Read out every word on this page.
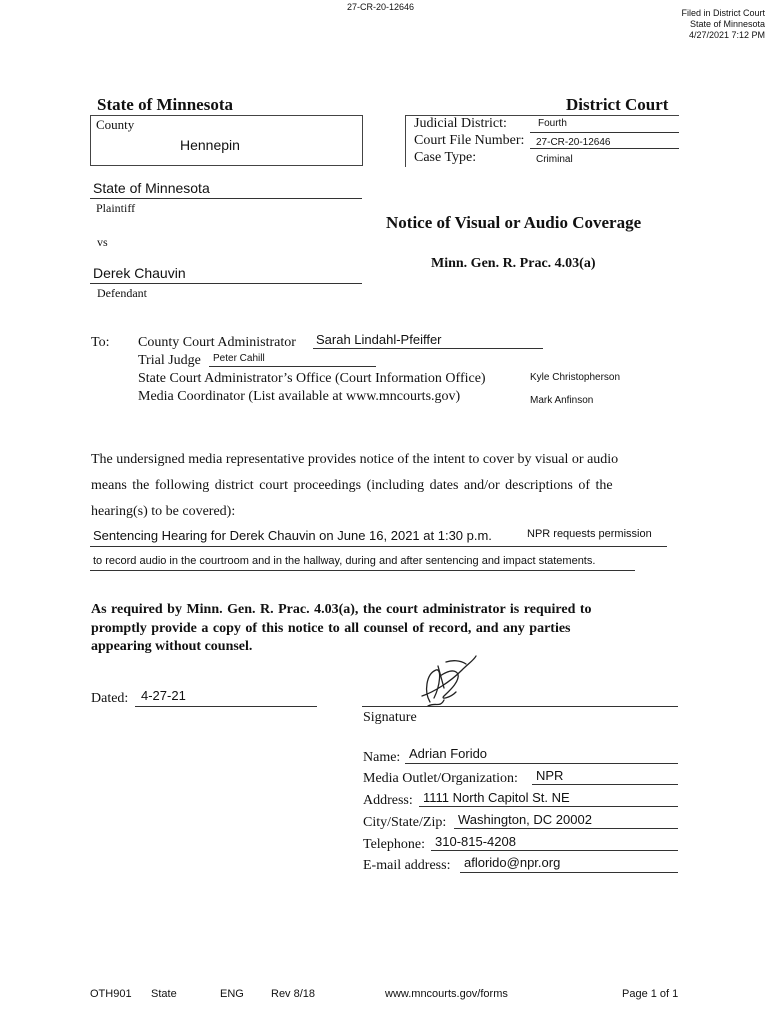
27-CR-20-12646
Filed in District Court
State of Minnesota
4/27/2021 7:12 PM
State of Minnesota	District Court
County
Hennepin
Judicial District:	Fourth
Court File Number: 27-CR-20-12646
Case Type:	Criminal
State of Minnesota
Plaintiff
vs
Derek Chauvin
Defendant
Notice of Visual or Audio Coverage
Minn. Gen. R. Prac. 4.03(a)
To: County Court Administrator Sarah Lindahl-Pfeiffer
Trial Judge Peter Cahill
State Court Administrator’s Office (Court Information Office)	Kyle Christopherson
Media Coordinator (List available at www.mncourts.gov)	Mark Anfinson
The undersigned media representative provides notice of the intent to cover by visual or audio
means the following district court proceedings (including dates and/or descriptions of the
hearing(s) to be covered):
Sentencing Hearing for Derek Chauvin on June 16, 2021 at 1:30 p.m.	NPR requests permission
to record audio in the courtroom and in the hallway, during and after sentencing and impact statements.
As required by Minn. Gen. R. Prac. 4.03(a), the court administrator is required to
promptly provide a copy of this notice to all counsel of record, and any parties
appearing without counsel.
Dated: 4-27-21
Signature
Name: Adrian Forido
Media Outlet/Organization: NPR
Address: 1111 North Capitol St. NE
City/State/Zip: Washington, DC 20002
Telephone: 310-815-4208
E-mail address: aflorido@npr.org
OTH901 State	ENG Rev 8/18	www.mncourts.gov/forms	Page 1 of 1
